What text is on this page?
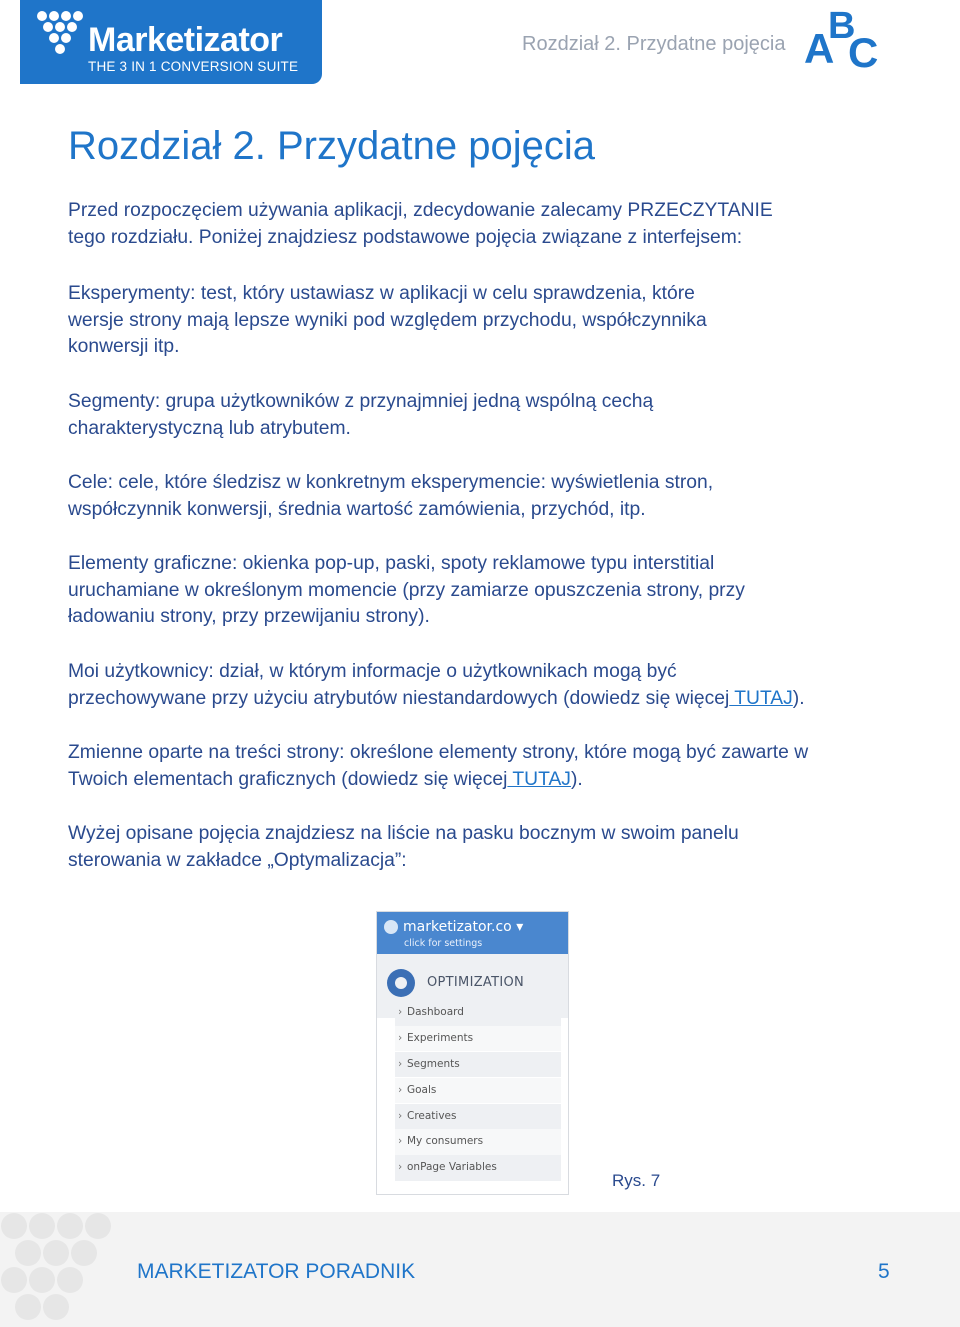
Marketizator
THE 3 IN 1 CONVERSION SUITE
Rozdział 2. Przydatne pojęcia A
B
C
Rozdział 2. Przydatne pojęcia
Przed rozpoczęciem używania aplikacji, zdecydowanie zalecamy PRZECZYTANIE
tego rozdziału. Poniżej znajdziesz podstawowe pojęcia związane z interfejsem:
Eksperymenty: test, który ustawiasz w aplikacji w celu sprawdzenia, które
wersje strony mają lepsze wyniki pod względem przychodu, współczynnika
konwersji itp.
Segmenty: grupa użytkowników z przynajmniej jedną wspólną cechą
charakterystyczną lub atrybutem.
Cele: cele, które śledzisz w konkretnym eksperymencie: wyświetlenia stron,
współczynnik konwersji, średnia wartość zamówienia, przychód, itp.
Elementy graficzne: okienka pop-up, paski, spoty reklamowe typu interstitial
uruchamiane w określonym momencie (przy zamiarze opuszczenia strony, przy
ładowaniu strony, przy przewijaniu strony).
Moi użytkownicy: dział, w którym informacje o użytkownikach mogą być
przechowywane przy użyciu atrybutów niestandardowych (dowiedz się więcej TUTAJ).
Zmienne oparte na treści strony: określone elementy strony, które mogą być zawarte w
Twoich elementach graficznych (dowiedz się więcej TUTAJ).
Wyżej opisane pojęcia znajdziesz na liście na pasku bocznym w swoim panelu
sterowania w zakładce „Optymalizacja”:
marketizator.co ▾
click for settings
OPTIMIZATION
› Dashboard
› Experiments
› Segments
› Goals
› Creatives
› My consumers
› onPage Variables
Rys. 7
MARKETIZATOR PORADNIK	5
